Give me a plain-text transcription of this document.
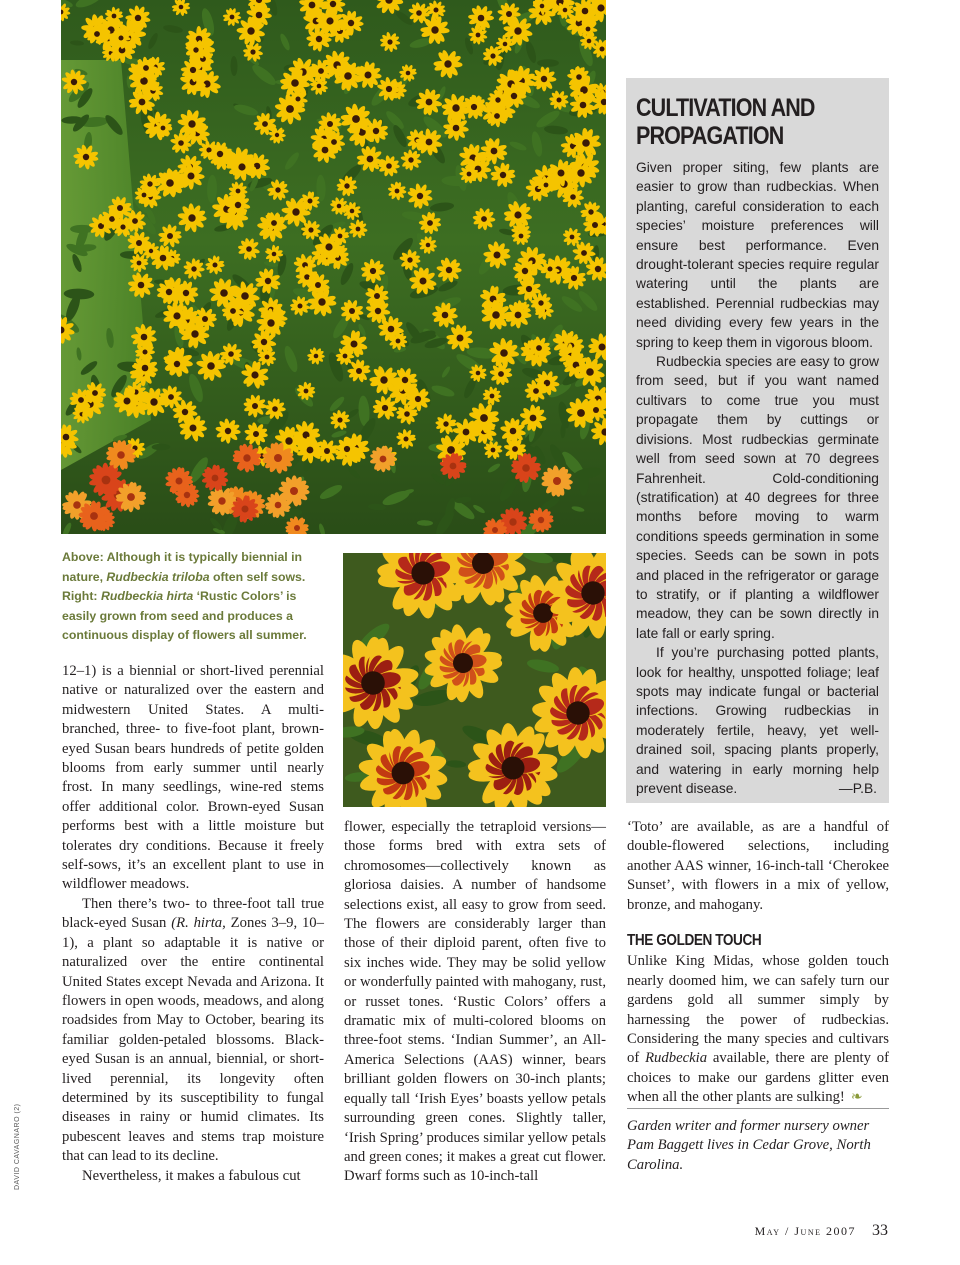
DAVID CAVAGNARO (2)
Above: Although it is typically biennial in nature, Rudbeckia triloba often self sows. Right: Rudbeckia hirta ‘Rustic Colors’ is easily grown from seed and produces a continuous display of flowers all summer.

12–1) is a biennial or short-lived perennial native or naturalized over the eastern and midwestern United States. A multi-branched, three- to five-foot plant, brown-eyed Susan bears hundreds of petite golden blooms from early summer until nearly frost. In many seedlings, wine-red stems offer additional color. Brown-eyed Susan performs best with a little moisture but tolerates dry conditions. Because it freely self-sows, it’s an excellent plant to use in wildflower meadows.

Then there’s two- to three-foot tall true black-eyed Susan (R. hirta, Zones 3–9, 10–1), a plant so adaptable it is native or naturalized over the entire continental United States except Nevada and Arizona. It flowers in open woods, meadows, and along roadsides from May to October, bearing its familiar golden-petaled blossoms. Black-eyed Susan is an annual, biennial, or short-lived perennial, its longevity often determined by its susceptibility to fungal diseases in rainy or humid climates. Its pubescent leaves and stems trap moisture that can lead to its decline.

Nevertheless, it makes a fabulous cut

flower, especially the tetraploid versions—those forms bred with extra sets of chromosomes—collectively known as gloriosa daisies. A number of handsome selections exist, all easy to grow from seed. The flowers are considerably larger than those of their diploid parent, often five to six inches wide. They may be solid yellow or wonderfully painted with mahogany, rust, or russet tones. ‘Rustic Colors’ offers a dramatic mix of multi-colored blooms on three-foot stems. ‘Indian Summer’, an All-America Selections (AAS) winner, bears brilliant golden flowers on 30-inch plants; equally tall ‘Irish Eyes’ boasts yellow petals surrounding green cones. Slightly taller, ‘Irish Spring’ produces similar yellow petals and green cones; it makes a great cut flower. Dwarf forms such as 10-inch-tall

‘Toto’ are available, as are a handful of double-flowered selections, including another AAS winner, 16-inch-tall ‘Cherokee Sunset’, with flowers in a mix of yellow, bronze, and mahogany.

THE GOLDEN TOUCH

Unlike King Midas, whose golden touch nearly doomed him, we can safely turn our gardens gold all summer simply by harnessing the power of rudbeckias. Considering the many species and cultivars of Rudbeckia available, there are plenty of choices to make our gardens glitter even when all the other plants are sulking! ❧

Garden writer and former nursery owner Pam Baggett lives in Cedar Grove, North Carolina.

CULTIVATION AND
PROPAGATION

Given proper siting, few plants are easier to grow than rudbeckias. When planting, careful consideration to each species’ moisture preferences will ensure best performance. Even drought-tolerant species require regular watering until the plants are established. Perennial rudbeckias may need dividing every few years in the spring to keep them in vigorous bloom.

Rudbeckia species are easy to grow from seed, but if you want named cultivars to come true you must propagate them by cuttings or divisions. Most rudbeckias germinate well from seed sown at 70 degrees Fahrenheit. Cold-conditioning (stratification) at 40 degrees for three months before moving to warm conditions speeds germination in some species. Seeds can be sown in pots and placed in the refrigerator or garage to stratify, or if planting a wildflower meadow, they can be sown directly in late fall or early spring.

If you’re purchasing potted plants, look for healthy, unspotted foliage; leaf spots may indicate fungal or bacterial infections. Growing rudbeckias in moderately fertile, heavy, yet well-drained soil, spacing plants properly, and watering in early morning help prevent disease.	—P.B.

May / June 2007 33
